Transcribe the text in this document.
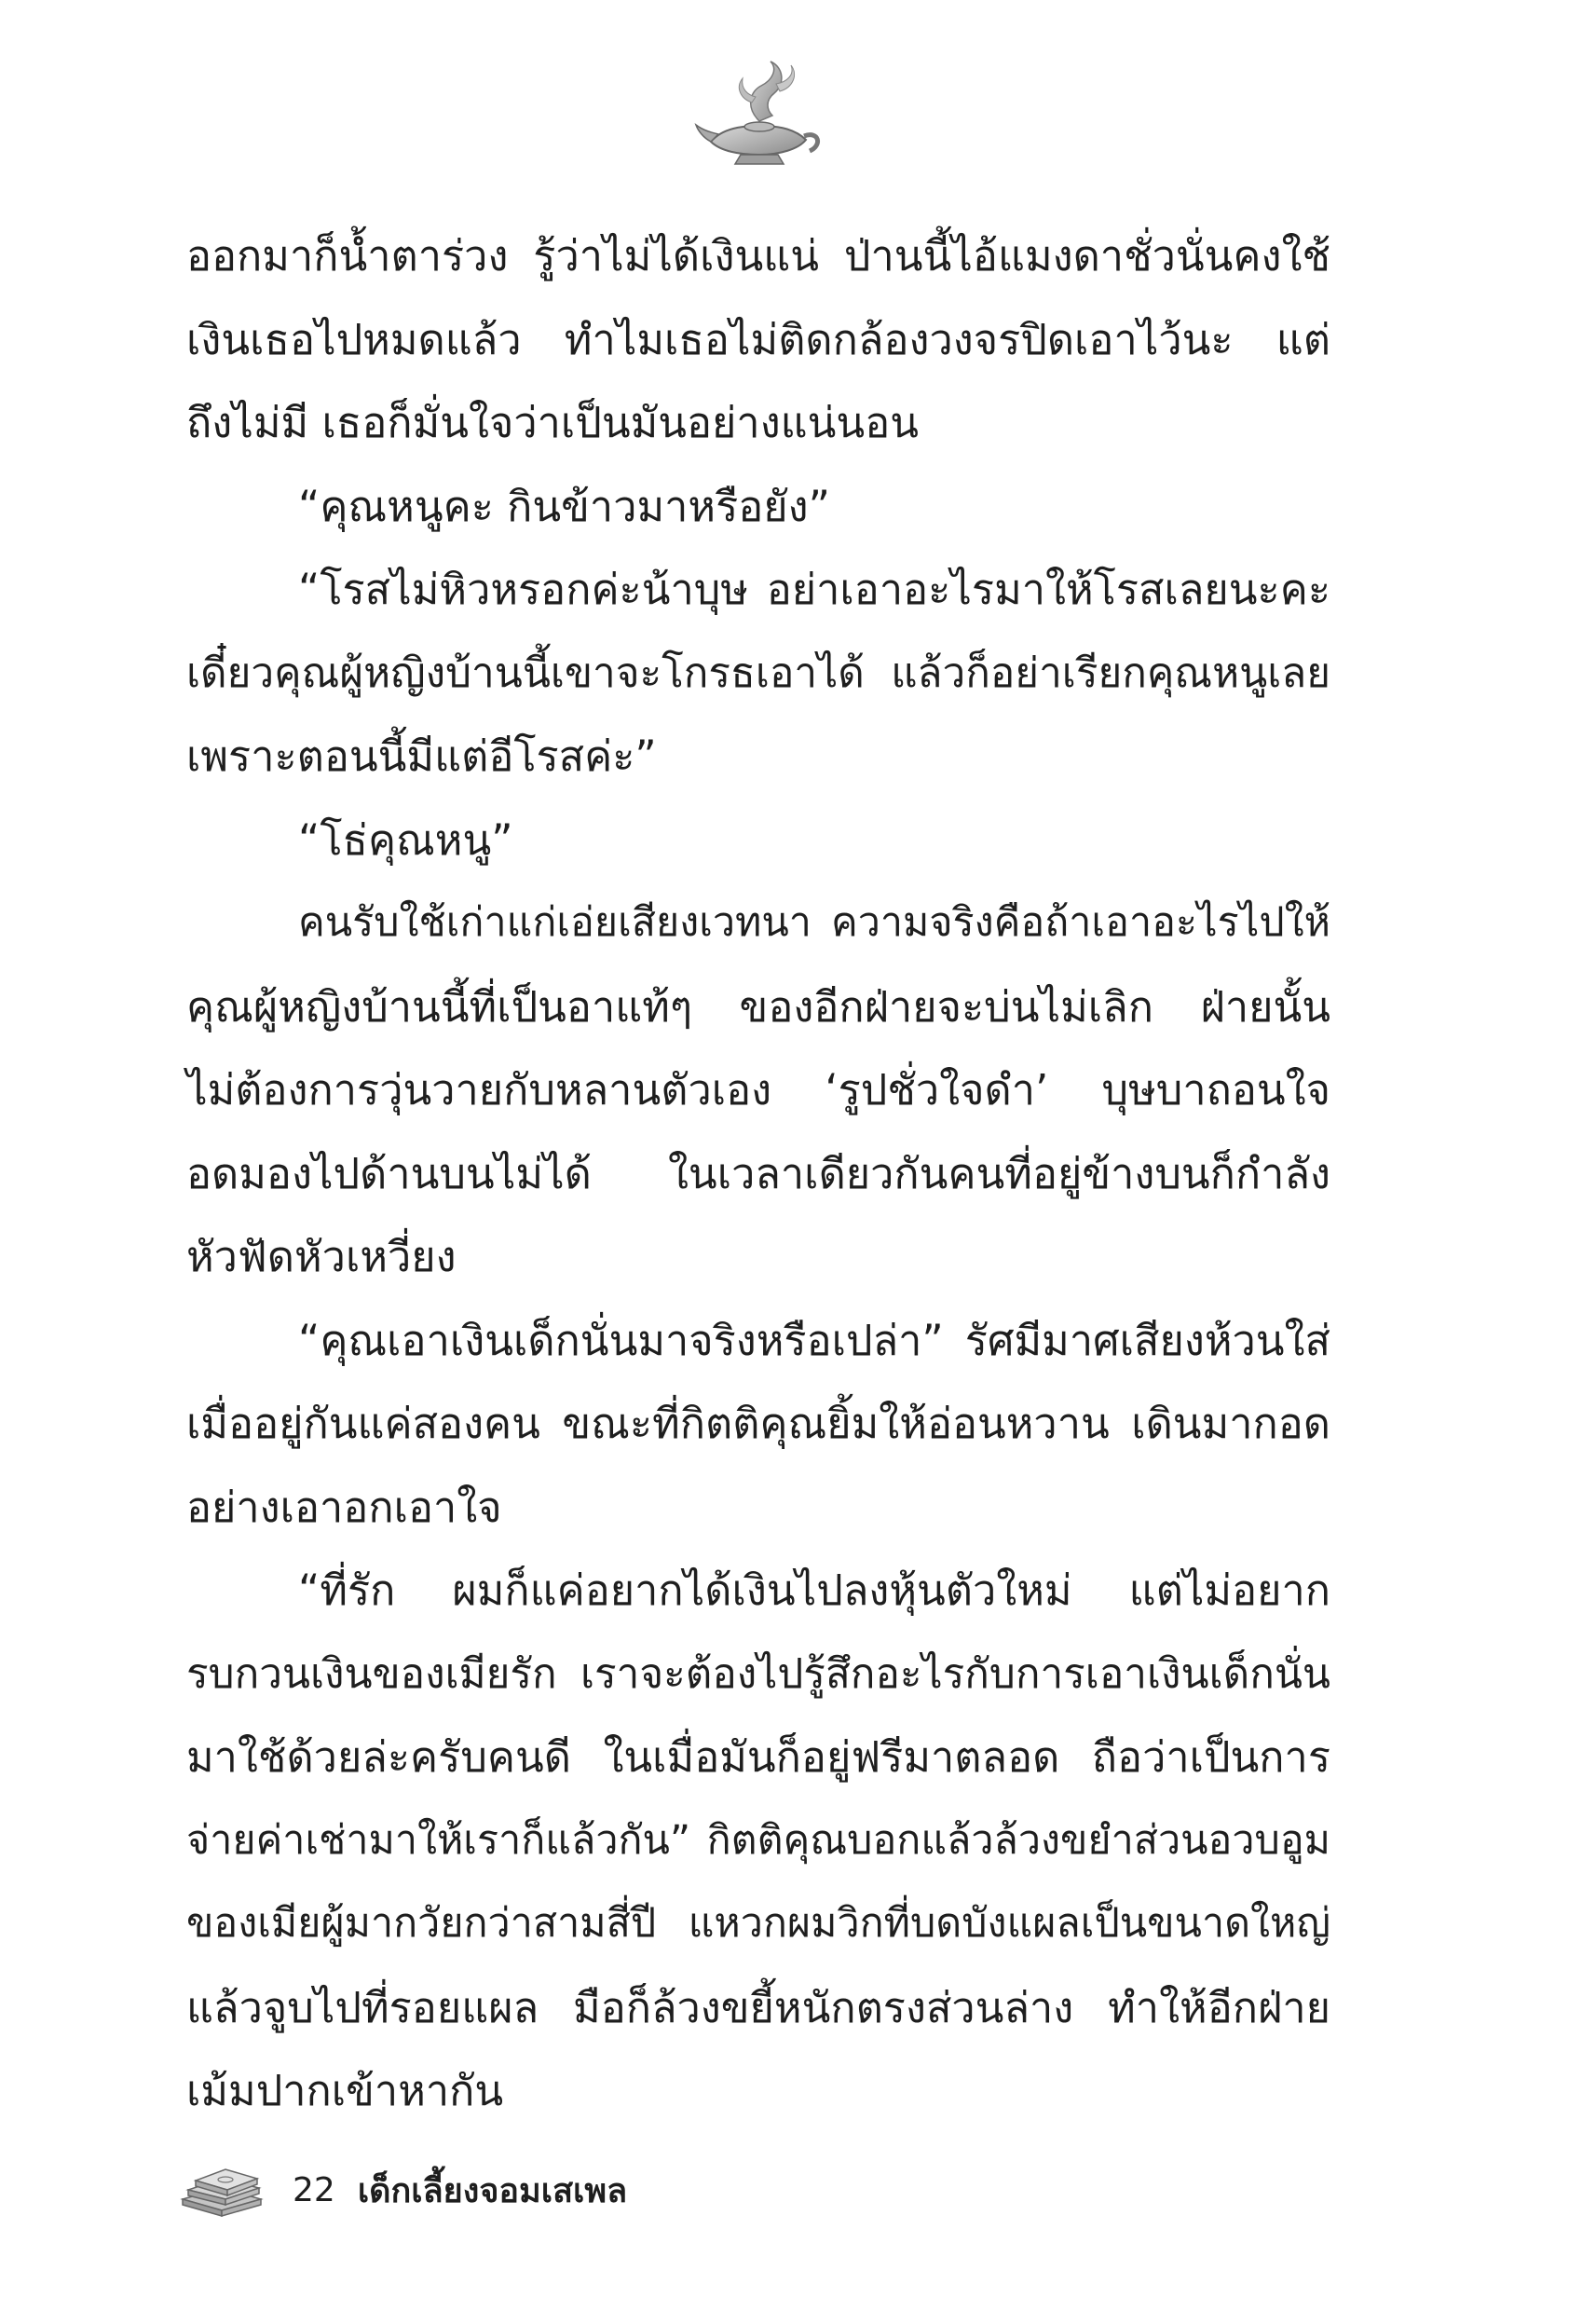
ออกมาก็น้ำตาร่วง รู้ว่าไม่ได้เงินแน่ ป่านนี้ไอ้แมงดาชั่วนั่นคงใช้
เงินเธอไปหมดแล้ว ทำไมเธอไม่ติดกล้องวงจรปิดเอาไว้นะ แต่
ถึงไม่มี เธอก็มั่นใจว่าเป็นมันอย่างแน่นอน
“คุณหนูคะ กินข้าวมาหรือยัง”
“โรสไม่หิวหรอกค่ะน้าบุษ อย่าเอาอะไรมาให้โรสเลยนะคะ
เดี๋ยวคุณผู้หญิงบ้านนี้เขาจะโกรธเอาได้ แล้วก็อย่าเรียกคุณหนูเลย
เพราะตอนนี้มีแต่อีโรสค่ะ”
“โธ่คุณหนู”
คนรับใช้เก่าแก่เอ่ยเสียงเวทนา ความจริงคือถ้าเอาอะไรไปให้
คุณผู้หญิงบ้านนี้ที่เป็นอาแท้ๆ ของอีกฝ่ายจะบ่นไม่เลิก ฝ่ายนั้น
ไม่ต้องการวุ่นวายกับหลานตัวเอง ‘รูปชั่วใจดำ’ บุษบาถอนใจ
อดมองไปด้านบนไม่ได้ ในเวลาเดียวกันคนที่อยู่ข้างบนก็กำลัง
หัวฟัดหัวเหวี่ยง
“คุณเอาเงินเด็กนั่นมาจริงหรือเปล่า” รัศมีมาศเสียงห้วนใส่
เมื่ออยู่กันแค่สองคน ขณะที่กิตติคุณยิ้มให้อ่อนหวาน เดินมากอด
อย่างเอาอกเอาใจ
“ที่รัก ผมก็แค่อยากได้เงินไปลงหุ้นตัวใหม่ แต่ไม่อยาก
รบกวนเงินของเมียรัก เราจะต้องไปรู้สึกอะไรกับการเอาเงินเด็กนั่น
มาใช้ด้วยล่ะครับคนดี ในเมื่อมันก็อยู่ฟรีมาตลอด ถือว่าเป็นการ
จ่ายค่าเช่ามาให้เราก็แล้วกัน” กิตติคุณบอกแล้วล้วงขยำส่วนอวบอูม
ของเมียผู้มากวัยกว่าสามสี่ปี แหวกผมวิกที่บดบังแผลเป็นขนาดใหญ่
แล้วจูบไปที่รอยแผล มือก็ล้วงขยี้หนักตรงส่วนล่าง ทำให้อีกฝ่าย
เม้มปากเข้าหากัน
22 เด็กเลี้ยงจอมเสเพล
